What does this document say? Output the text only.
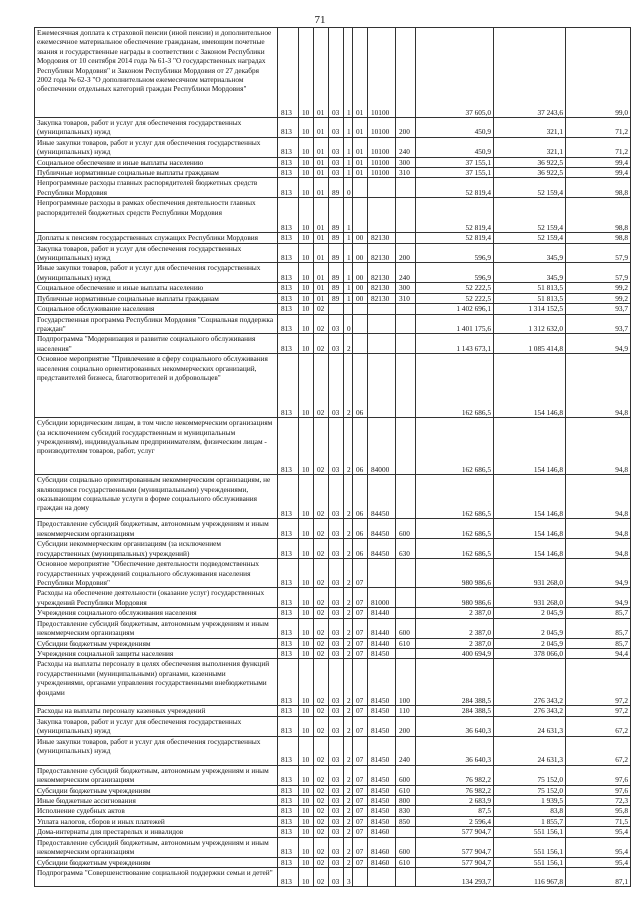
71
Ежемесячная доплата к страховой пенсии (иной пенсии) и дополнительное ежемесячное материальное обеспечение гражданам, имеющим почетные звания и государственные награды в соответствии с Законом Республики Мордовия от 10 сентября 2014 года № 61-З "О государственных наградах Республики Мордовия" и Законом Республики Мордовия от 27 декабря 2002 года № 62-З "О дополнительном ежемесячном материальном обеспечении отдельных категорий граждан Республики Мордовия"	813	10	01	03	1	01	10100		37 605,0	37 243,6	99,0
Закупка товаров, работ и услуг для обеспечения государственных (муниципальных) нужд	813	10	01	03	1	01	10100	200	450,9	321,1	71,2
Иные закупки товаров, работ и услуг для обеспечения государственных (муниципальных) нужд	813	10	01	03	1	01	10100	240	450,9	321,1	71,2
Социальное обеспечение и иные выплаты населению	813	10	01	03	1	01	10100	300	37 155,1	36 922,5	99,4
Публичные нормативные социальные выплаты гражданам	813	10	01	03	1	01	10100	310	37 155,1	36 922,5	99,4
Непрограммные расходы главных распорядителей бюджетных средств Республики Мордовия	813	10	01	89	0				52 819,4	52 159,4	98,8
Непрограммные расходы в рамках обеспечения деятельности главных распорядителей бюджетных средств Республики Мордовия	813	10	01	89	1				52 819,4	52 159,4	98,8
Доплаты к пенсиям государственных служащих Республики Мордовия	813	10	01	89	1	00	82130		52 819,4	52 159,4	98,8
Закупка товаров, работ и услуг для обеспечения государственных (муниципальных) нужд	813	10	01	89	1	00	82130	200	596,9	345,9	57,9
Иные закупки товаров, работ и услуг для обеспечения государственных (муниципальных) нужд	813	10	01	89	1	00	82130	240	596,9	345,9	57,9
Социальное обеспечение и иные выплаты населению	813	10	01	89	1	00	82130	300	52 222,5	51 813,5	99,2
Публичные нормативные социальные выплаты гражданам	813	10	01	89	1	00	82130	310	52 222,5	51 813,5	99,2
Социальное обслуживание населения	813	10	02						1 402 696,1	1 314 152,5	93,7
Государственная программа Республики Мордовия "Социальная поддержка граждан"	813	10	02	03	0				1 401 175,6	1 312 632,0	93,7
Подпрограмма "Модернизация и развитие социального обслуживания населения"	813	10	02	03	2				1 143 673,1	1 085 414,8	94,9
Основное мероприятие "Привлечение в сферу социального обслуживания населения социально ориентированных некоммерческих организаций, представителей бизнеса, благотворителей и добровольцев"	813	10	02	03	2	06			162 686,5	154 146,8	94,8
Субсидии юридическим лицам, в том числе некоммерческим организациям (за исключением субсидий государственным и муниципальным учреждениям), индивидуальным предпринимателям, физическим лицам - производителям товаров, работ, услуг	813	10	02	03	2	06	84000		162 686,5	154 146,8	94,8
Субсидии социально ориентированным некоммерческим организациям, не являющимся государственными (муниципальными) учреждениями, оказывающим социальные услуги в форме социального обслуживания граждан на дому	813	10	02	03	2	06	84450		162 686,5	154 146,8	94,8
Предоставление субсидий бюджетным, автономным учреждениям и иным некоммерческим организациям	813	10	02	03	2	06	84450	600	162 686,5	154 146,8	94,8
Субсидии некоммерческим организациям (за исключением государственных (муниципальных) учреждений)	813	10	02	03	2	06	84450	630	162 686,5	154 146,8	94,8
Основное мероприятие "Обеспечение деятельности подведомственных государственных учреждений социального обслуживания населения Республики Мордовия"	813	10	02	03	2	07			980 986,6	931 268,0	94,9
Расходы на обеспечение деятельности (оказание услуг) государственных учреждений Республики Мордовия	813	10	02	03	2	07	81000		980 986,6	931 268,0	94,9
Учреждения социального обслуживания населения	813	10	02	03	2	07	81440		2 387,0	2 045,9	85,7
Предоставление субсидий бюджетным, автономным учреждениям и иным некоммерческим организациям	813	10	02	03	2	07	81440	600	2 387,0	2 045,9	85,7
Субсидии бюджетным учреждениям	813	10	02	03	2	07	81440	610	2 387,0	2 045,9	85,7
Учреждения социальной защиты населения	813	10	02	03	2	07	81450		400 694,9	378 066,0	94,4
Расходы на выплаты персоналу в целях обеспечения выполнения функций государственными (муниципальными) органами, казенными учреждениями, органами управления государственными внебюджетными фондами	813	10	02	03	2	07	81450	100	284 388,5	276 343,2	97,2
Расходы на выплаты персоналу казенных учреждений	813	10	02	03	2	07	81450	110	284 388,5	276 343,2	97,2
Закупка товаров, работ и услуг для обеспечения государственных (муниципальных) нужд	813	10	02	03	2	07	81450	200	36 640,3	24 631,3	67,2
Иные закупки товаров, работ и услуг для обеспечения государственных (муниципальных) нужд	813	10	02	03	2	07	81450	240	36 640,3	24 631,3	67,2
Предоставление субсидий бюджетным, автономным учреждениям и иным некоммерческим организациям	813	10	02	03	2	07	81450	600	76 982,2	75 152,0	97,6
Субсидии бюджетным учреждениям	813	10	02	03	2	07	81450	610	76 982,2	75 152,0	97,6
Иные бюджетные ассигнования	813	10	02	03	2	07	81450	800	2 683,9	1 939,5	72,3
Исполнение судебных актов	813	10	02	03	2	07	81450	830	87,5	83,8	95,8
Уплата налогов, сборов и иных платежей	813	10	02	03	2	07	81450	850	2 596,4	1 855,7	71,5
Дома-интернаты для престарелых и инвалидов	813	10	02	03	2	07	81460		577 904,7	551 156,1	95,4
Предоставление субсидий бюджетным, автономным учреждениям и иным некоммерческим организациям	813	10	02	03	2	07	81460	600	577 904,7	551 156,1	95,4
Субсидии бюджетным учреждениям	813	10	02	03	2	07	81460	610	577 904,7	551 156,1	95,4
Подпрограмма "Совершенствование социальной поддержки семьи и детей"	813	10	02	03	3				134 293,7	116 967,8	87,1
